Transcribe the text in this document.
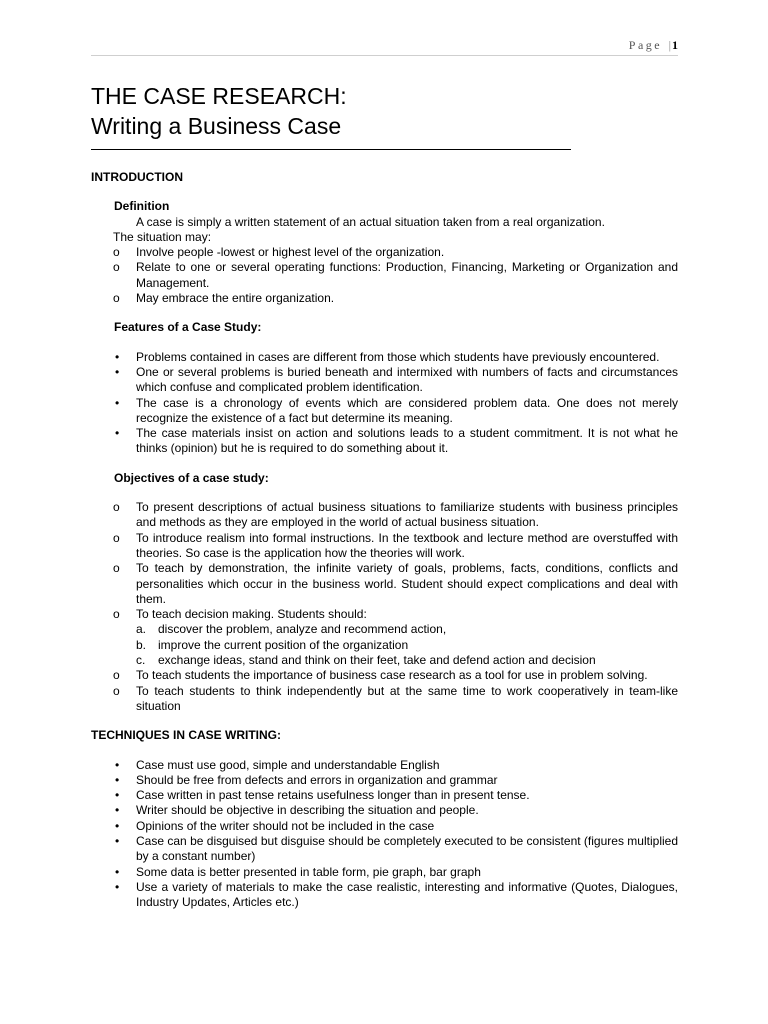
Page |1
THE CASE RESEARCH:
Writing a Business Case
INTRODUCTION
Definition
A case is simply a written statement of an actual situation taken from a real organization.
The situation may:
o Involve people -lowest or highest level of the organization.
o Relate to one or several operating functions: Production, Financing, Marketing or Organization and Management.
o May embrace the entire organization.
Features of a Case Study:
• Problems contained in cases are different from those which students have previously encountered.
• One or several problems is buried beneath and intermixed with numbers of facts and circumstances which confuse and complicated problem identification.
• The case is a chronology of events which are considered problem data. One does not merely recognize the existence of a fact but determine its meaning.
• The case materials insist on action and solutions leads to a student commitment. It is not what he thinks (opinion) but he is required to do something about it.
Objectives of a case study:
o To present descriptions of actual business situations to familiarize students with business principles and methods as they are employed in the world of actual business situation.
o To introduce realism into formal instructions. In the textbook and lecture method are overstuffed with theories. So case is the application how the theories will work.
o To teach by demonstration, the infinite variety of goals, problems, facts, conditions, conflicts and personalities which occur in the business world. Student should expect complications and deal with them.
o To teach decision making. Students should:
a. discover the problem, analyze and recommend action,
b. improve the current position of the organization
c. exchange ideas, stand and think on their feet, take and defend action and decision
o To teach students the importance of business case research as a tool for use in problem solving.
o To teach students to think independently but at the same time to work cooperatively in team-like situation
TECHNIQUES IN CASE WRITING:
• Case must use good, simple and understandable English
• Should be free from defects and errors in organization and grammar
• Case written in past tense retains usefulness longer than in present tense.
• Writer should be objective in describing the situation and people.
• Opinions of the writer should not be included in the case
• Case can be disguised but disguise should be completely executed to be consistent (figures multiplied by a constant number)
• Some data is better presented in table form, pie graph, bar graph
• Use a variety of materials to make the case realistic, interesting and informative (Quotes, Dialogues, Industry Updates, Articles etc.)
